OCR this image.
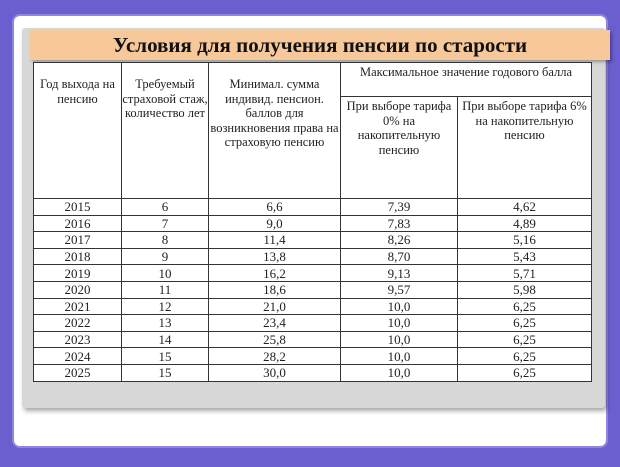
Условия для получения пенсии по старости
Год выхода на пенсию	Требуемый страховой стаж, количество лет	Минимал. сумма индивид. пенсион. баллов для возникновения права на страховую пенсию	Максимальное значение годового балла	
			При выборе тарифа 0% на накопительную пенсию	При выборе тарифа 6% на накопительную пенсию
2015	6	6,6	7,39	4,62
2016	7	9,0	7,83	4,89
2017	8	11,4	8,26	5,16
2018	9	13,8	8,70	5,43
2019	10	16,2	9,13	5,71
2020	11	18,6	9,57	5,98
2021	12	21,0	10,0	6,25
2022	13	23,4	10,0	6,25
2023	14	25,8	10,0	6,25
2024	15	28,2	10,0	6,25
2025	15	30,0	10,0	6,25
